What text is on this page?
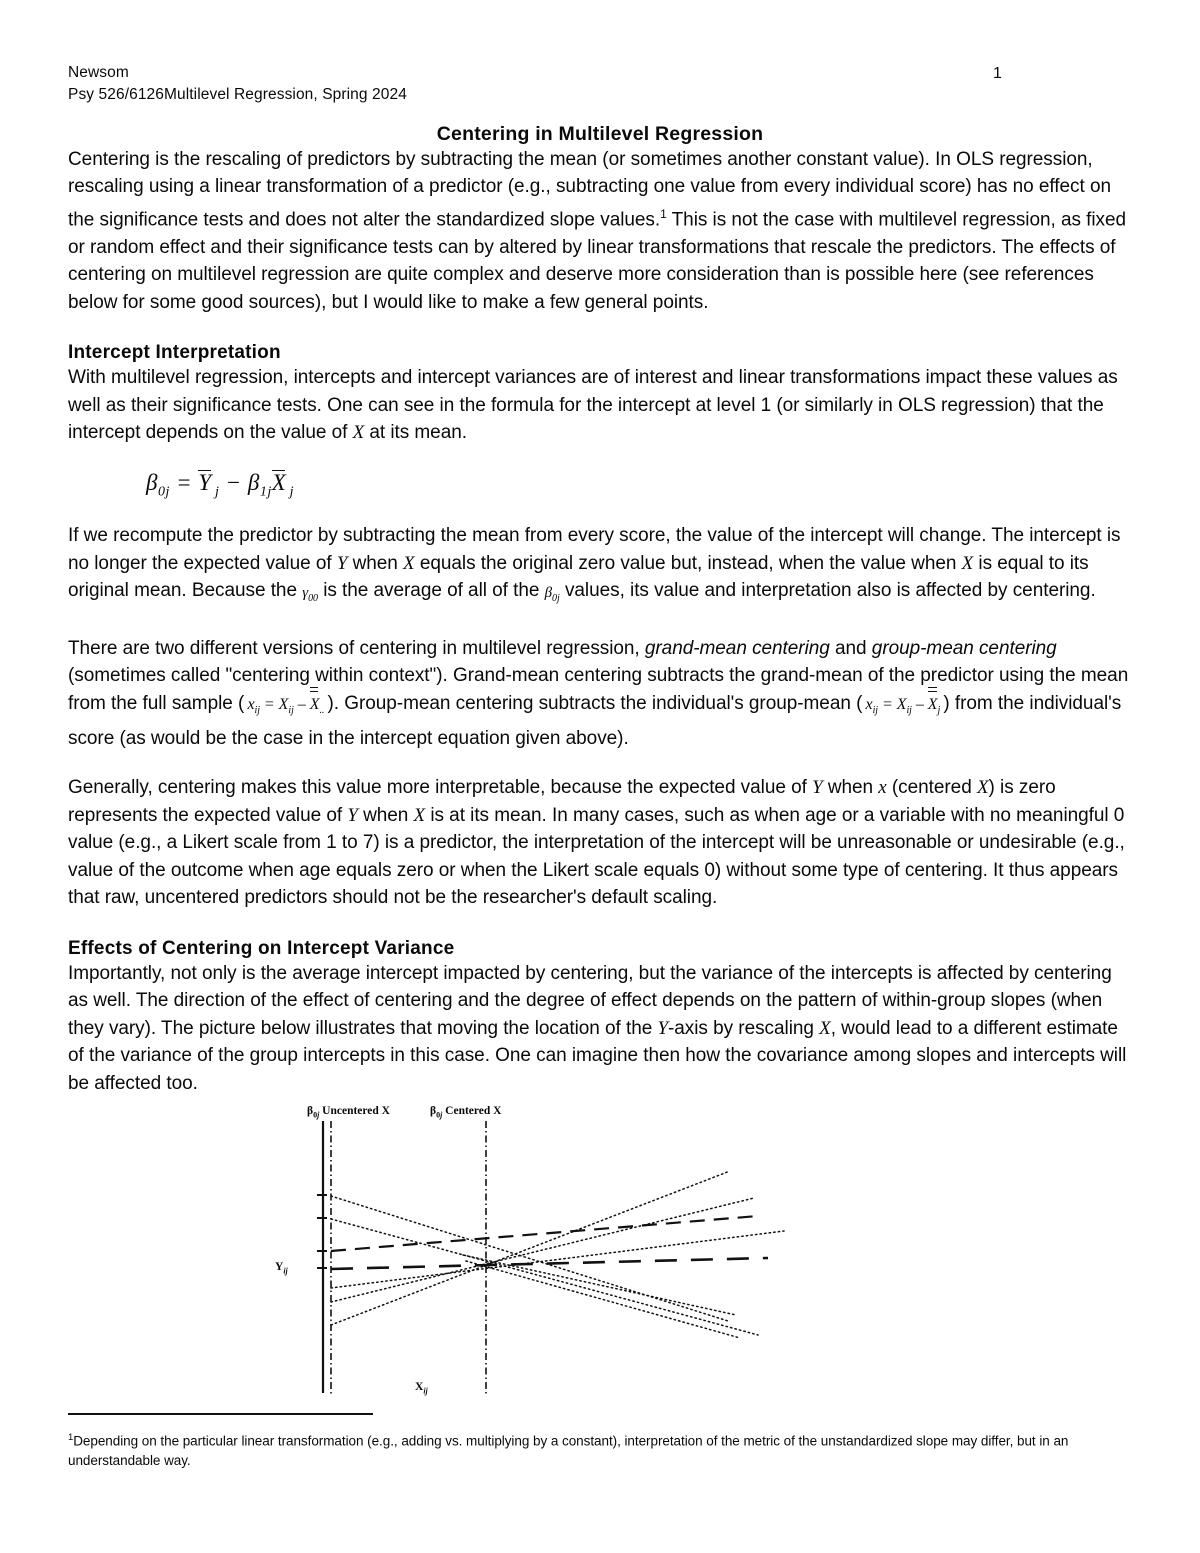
Newsom
Psy 526/6126Multilevel Regression, Spring 2024
1
Centering in Multilevel Regression

Centering is the rescaling of predictors by subtracting the mean (or sometimes another constant value). In OLS regression, rescaling using a linear transformation of a predictor (e.g., subtracting one value from every individual score) has no effect on the significance tests and does not alter the standardized slope values.$^1$ This is not the case with multilevel regression, as fixed or random effect and their significance tests can by altered by linear transformations that rescale the predictors. The effects of centering on multilevel regression are quite complex and deserve more consideration than is possible here (see references below for some good sources), but I would like to make a few general points.

Intercept Interpretation

With multilevel regression, intercepts and intercept variances are of interest and linear transformations impact these values as well as their significance tests. One can see in the formula for the intercept at level 1 (or similarly in OLS regression) that the intercept depends on the value of X at its mean.

$\beta_{0j} = Y$  $_j - \beta_{1j}X$  $_j$

If we recompute the predictor by subtracting the mean from every score, the value of the intercept will change. The intercept is no longer the expected value of Y when X equals the original zero value but, instead, when the value when X is equal to its original mean. Because the $\gamma_{00}$ is the average of all of the $\beta_{0j}$ values, its value and interpretation also is affected by centering.

There are two different versions of centering in multilevel regression, grand-mean centering and group-mean centering (sometimes called "centering within context"). Grand-mean centering subtracts the grand-mean of the predictor using the mean from the full sample (  $x_{ij} = X_{ij} - X_{..}$  ). Group-mean centering subtracts the individual's group-mean (  $x_{ij} = X_{ij} - X_j$  ) from the individual's score (as would be the case in the intercept equation given above).

Generally, centering makes this value more interpretable, because the expected value of Y when x (centered X) is zero represents the expected value of Y when X is at its mean. In many cases, such as when age or a variable with no meaningful 0 value (e.g., a Likert scale from 1 to 7) is a predictor, the interpretation of the intercept will be unreasonable or undesirable (e.g., value of the outcome when age equals zero or when the Likert scale equals 0) without some type of centering. It thus appears that raw, uncentered predictors should not be the researcher's default scaling.

Effects of Centering on Intercept Variance

Importantly, not only is the average intercept impacted by centering, but the variance of the intercepts is affected by centering as well. The direction of the effect of centering and the degree of effect depends on the pattern of within-group slopes (when they vary). The picture below illustrates that moving the location of the Y-axis by rescaling X, would lead to a different estimate of the variance of the group intercepts in this case. One can imagine then how the covariance among slopes and intercepts will be affected too.

$\beta_{0j}$ Uncentered X	$\beta_{0j}$ Centered X
$Y_{ij}$
$X_{ij}$
$^1$Depending on the particular linear transformation (e.g., adding vs. multiplying by a constant), interpretation of the metric of the unstandardized slope may differ, but in an understandable way.
